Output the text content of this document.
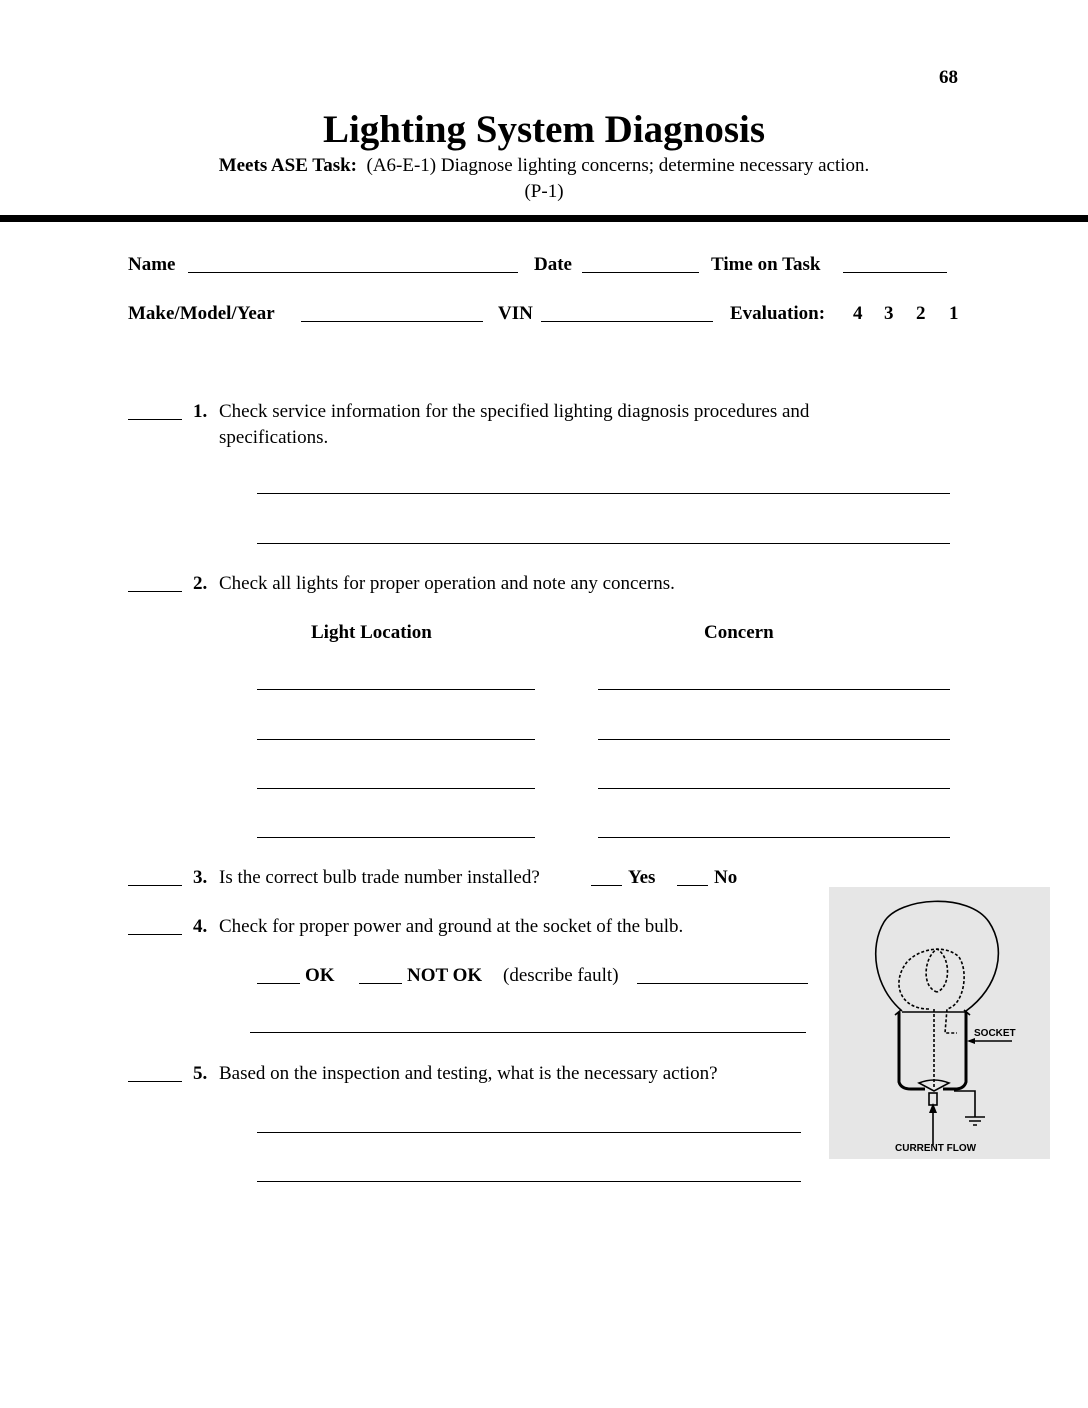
68
Lighting System Diagnosis
Meets ASE Task: (A6-E-1) Diagnose lighting concerns; determine necessary action.
(P-1)
Name	Date	Time on Task
Make/Model/Year	VIN	Evaluation: 4 3 2 1
1. Check service information for the specified lighting diagnosis procedures and
specifications.
2. Check all lights for proper operation and note any concerns.
Light Location	Concern
3. Is the correct bulb trade number installed?	Yes	No
4. Check for proper power and ground at the socket of the bulb.
OK	NOT OK (describe fault)
5. Based on the inspection and testing, what is the necessary action?
SOCKET
CURRENT FLOW
